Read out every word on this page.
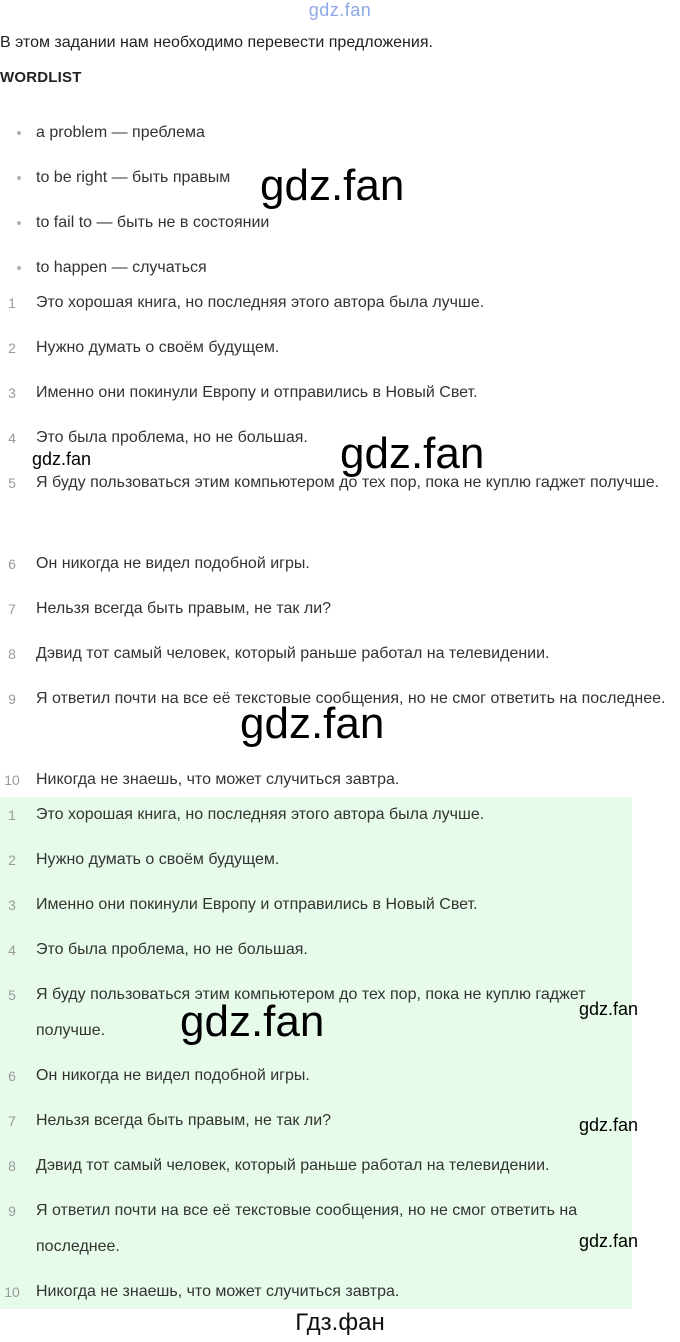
gdz.fan
В этом задании нам необходимо перевести предложения.
WORDLIST
a problem — преблема
to be right — быть правым
to fail to — быть не в состоянии
to happen — случаться
1	Это хорошая книга, но последняя этого автора была лучше.
2	Нужно думать о своём будущем.
3	Именно они покинули Европу и отправились в Новый Свет.
4	Это была проблема, но не большая.
5	Я буду пользоваться этим компьютером до тех пор, пока не куплю гаджет получше.
6	Он никогда не видел подобной игры.
7	Нельзя всегда быть правым, не так ли?
8	Дэвид тот самый человек, который раньше работал на телевидении.
9	Я ответил почти на все её текстовые сообщения, но не смог ответить на последнее.
10 Никогда не знаешь, что может случиться завтра.
1	Это хорошая книга, но последняя этого автора была лучше.
2	Нужно думать о своём будущем.
3	Именно они покинули Европу и отправились в Новый Свет.
4	Это была проблема, но не большая.
5	Я буду пользоваться этим компьютером до тех пор, пока не куплю гаджет получше.
6	Он никогда не видел подобной игры.
7	Нельзя всегда быть правым, не так ли?
8	Дэвид тот самый человек, который раньше работал на телевидении.
9	Я ответил почти на все её текстовые сообщения, но не смог ответить на последнее.
10 Никогда не знаешь, что может случиться завтра.
gdz.fan
gdz.fan	gdz.fan
gdz.fan
gdz.fan	gdz.fan
gdz.fan
gdz.fan
Гдз.фан
